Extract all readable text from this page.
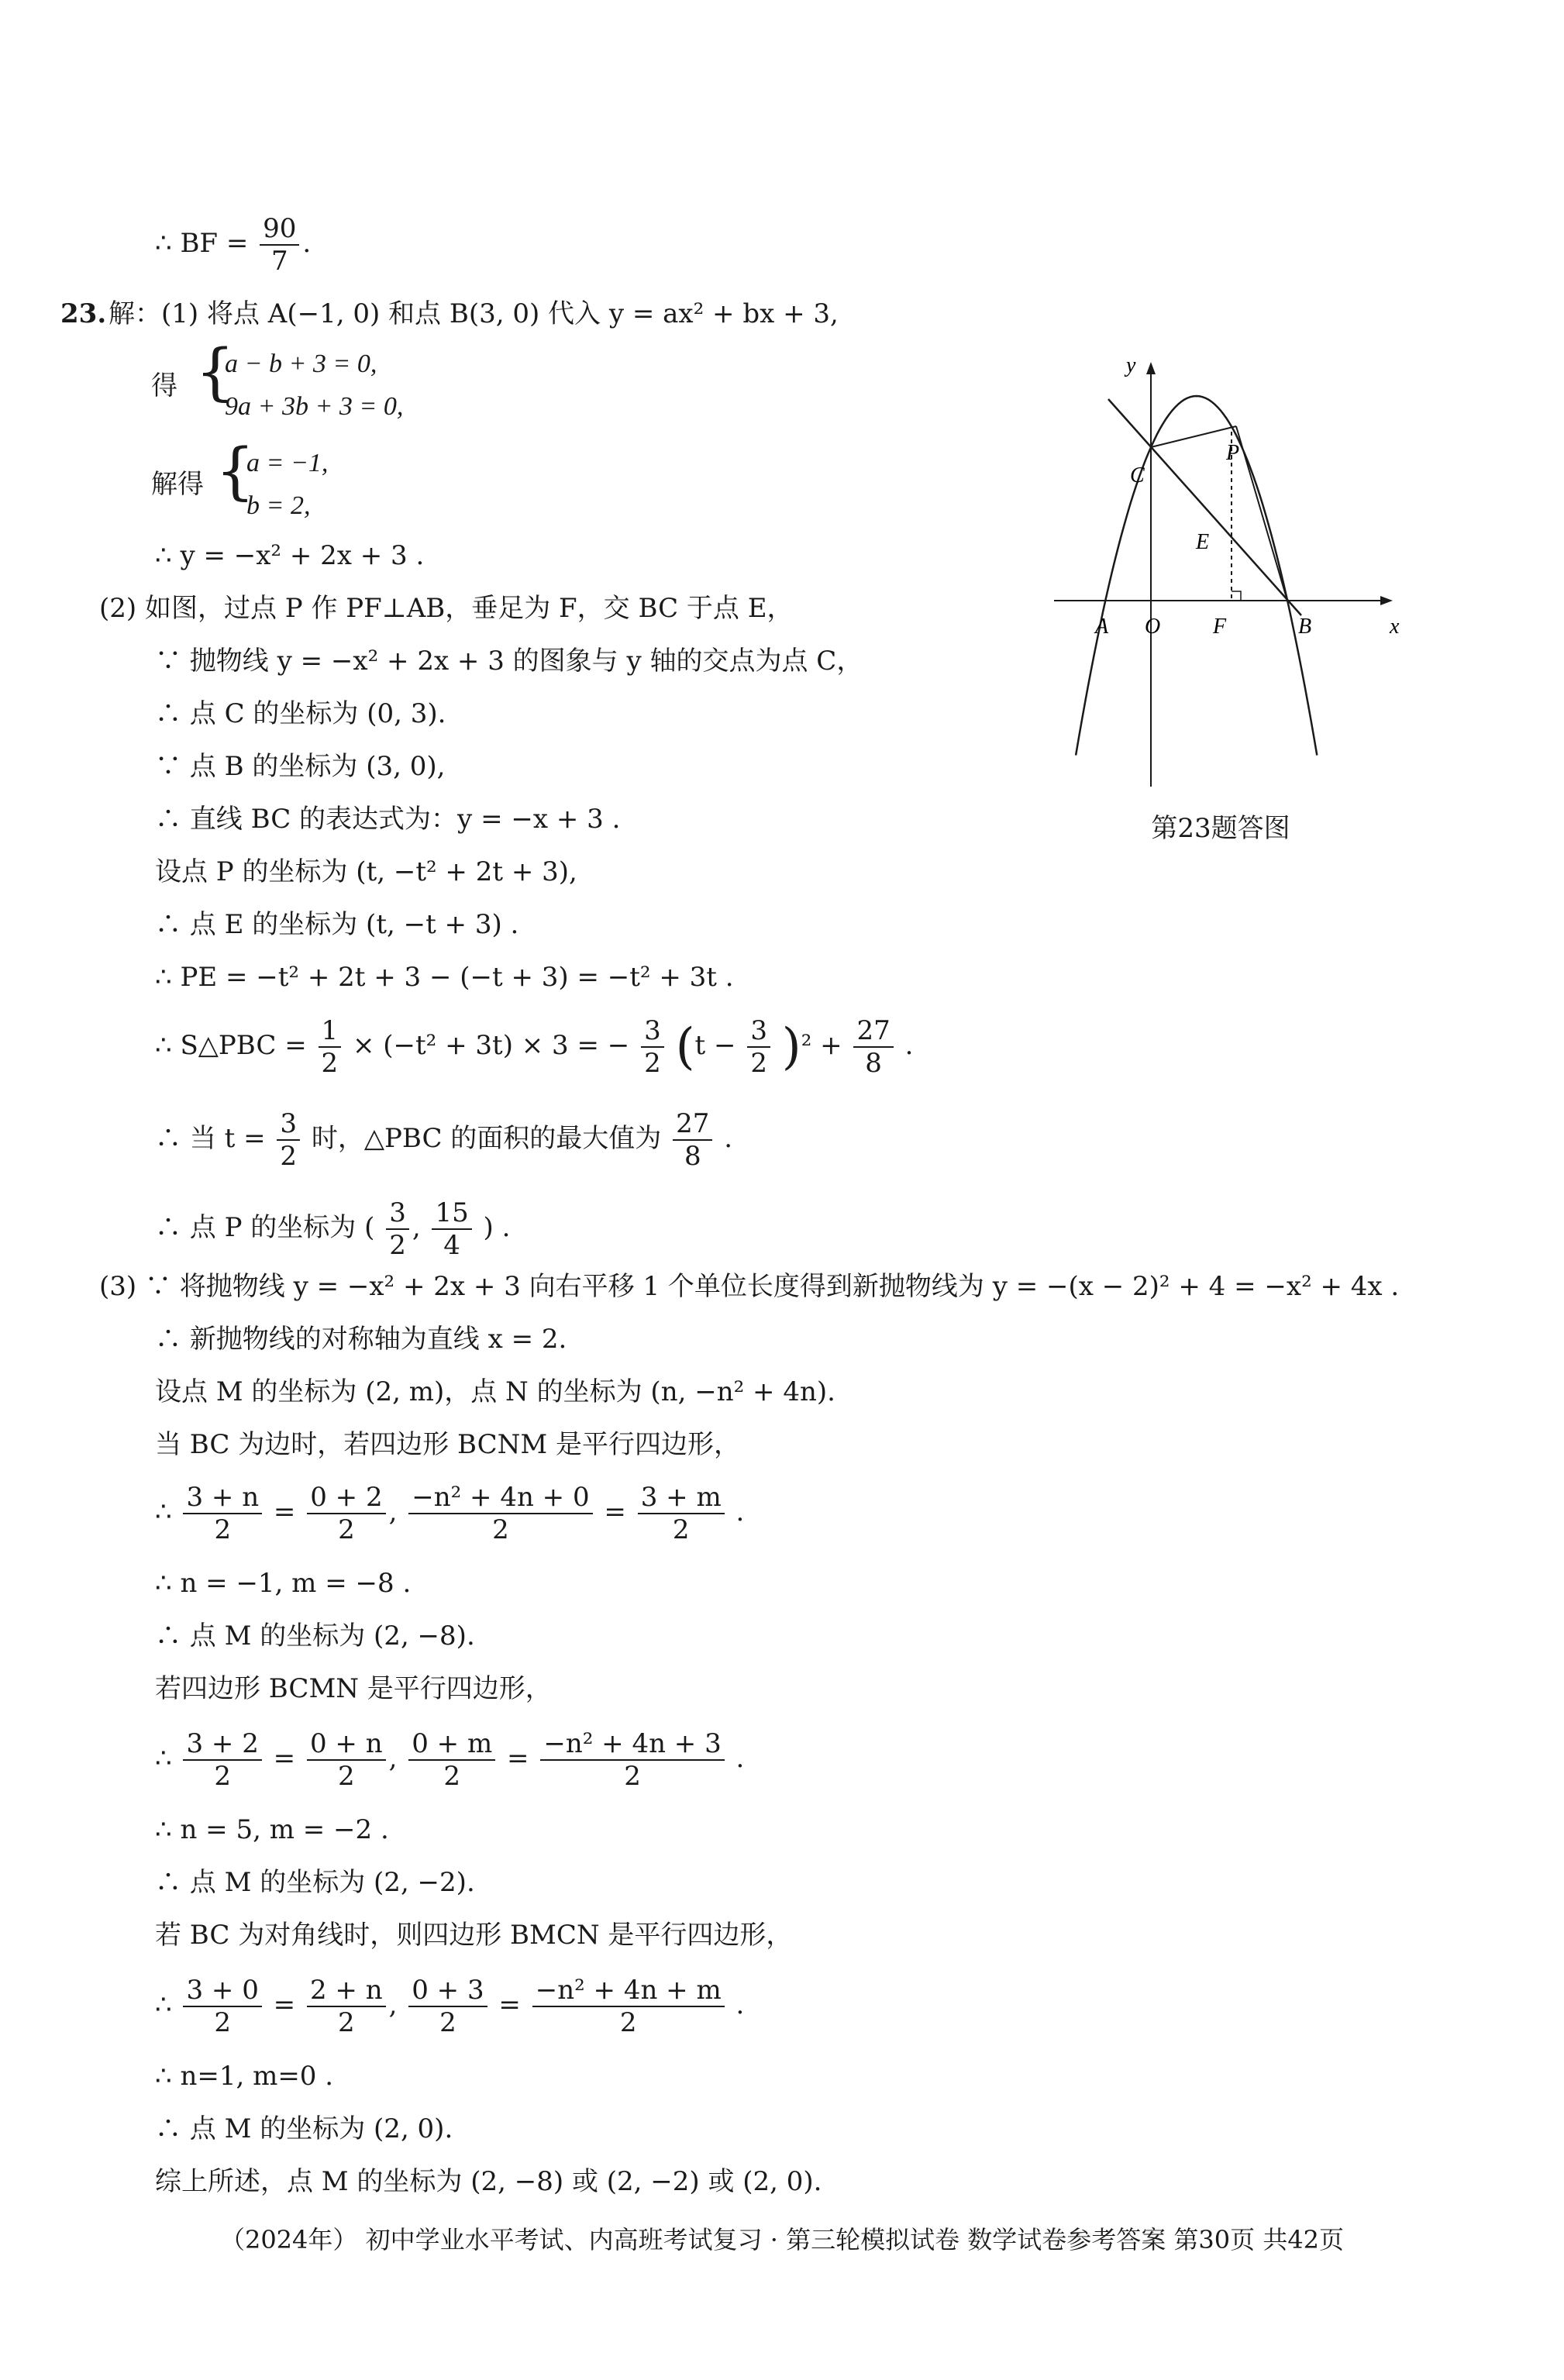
∴ BF = $\frac{90}{7}$ .
23. 解：(1) 将点 A(−1, 0) 和点 B(3, 0) 代入 y = ax² + bx + 3,
得 {
a − b + 3 = 0,
9a + 3b + 3 = 0,
解得 {
a = −1,
b = 2,
∴ y = −x² + 2x + 3 .
(2) 如图，过点 P 作 PF⊥AB，垂足为 F，交 BC 于点 E，
∵ 抛物线 y = −x² + 2x + 3 的图象与 y 轴的交点为点 C，
∴ 点 C 的坐标为 (0, 3).
∵ 点 B 的坐标为 (3, 0),
∴ 直线 BC 的表达式为：y = −x + 3 .
设点 P 的坐标为 (t, −t² + 2t + 3),
∴ 点 E 的坐标为 (t, −t + 3) .
∴ PE = −t² + 2t + 3 − (−t + 3) = −t² + 3t .
∴ S△PBC = $\frac{1}{2} \times (-t^2 + 3t) \times 3$ = − $\frac{3}{2} (t - \frac{3}{2} )^2 + \frac{27}{8}$ .
∴ 当 $t = \frac{3}{2}$ 时，△PBC 的面积的最大值为 $\frac{27}{8}$ .
∴ 点 P 的坐标为 ( $\frac{3}{2}$ , $\frac{15}{4}$ ) .
(3) ∵ 将抛物线 y = −x² + 2x + 3 向右平移 1 个单位长度得到新抛物线为 y = −(x − 2)² + 4 = −x² + 4x .
∴ 新抛物线的对称轴为直线 x = 2.
设点 M 的坐标为 (2, m)，点 N 的坐标为 (n, −n² + 4n).
当 BC 为边时，若四边形 BCNM 是平行四边形，
∴ $\frac{3 + n}{2} = \frac{0 + 2}{2}$ , $\frac{\text{−n² + 4n + 0}}{2} = \frac{3 + m}{2}$ .
∴ n = −1, m = −8 .
∴ 点 M 的坐标为 (2, −8).
若四边形 BCMN 是平行四边形，
∴ $\frac{3 + 2}{2} = \frac{0 + n}{2}$ , $\frac{0 + m}{2} = \frac{\text{−n² + 4n + 3}}{2}$ .
∴ n = 5, m = −2 .
∴ 点 M 的坐标为 (2, −2).
若 BC 为对角线时，则四边形 BMCN 是平行四边形，
∴ $\frac{3 + 0}{2} = \frac{2 + n}{2}$ , $\frac{0 + 3}{2} = \frac{\text{−n² + 4n + m}}{2}$ .
∴ n=1, m=0 .
∴ 点 M 的坐标为 (2, 0).
综上所述，点 M 的坐标为 (2, −8) 或 (2, −2) 或 (2, 0).
y
x
A O F	B
C
E
P
第23题答图
（2024年） 初中学业水平考试、内高班考试复习 · 第三轮模拟试卷 数学试卷参考答案 第30页 共42页
